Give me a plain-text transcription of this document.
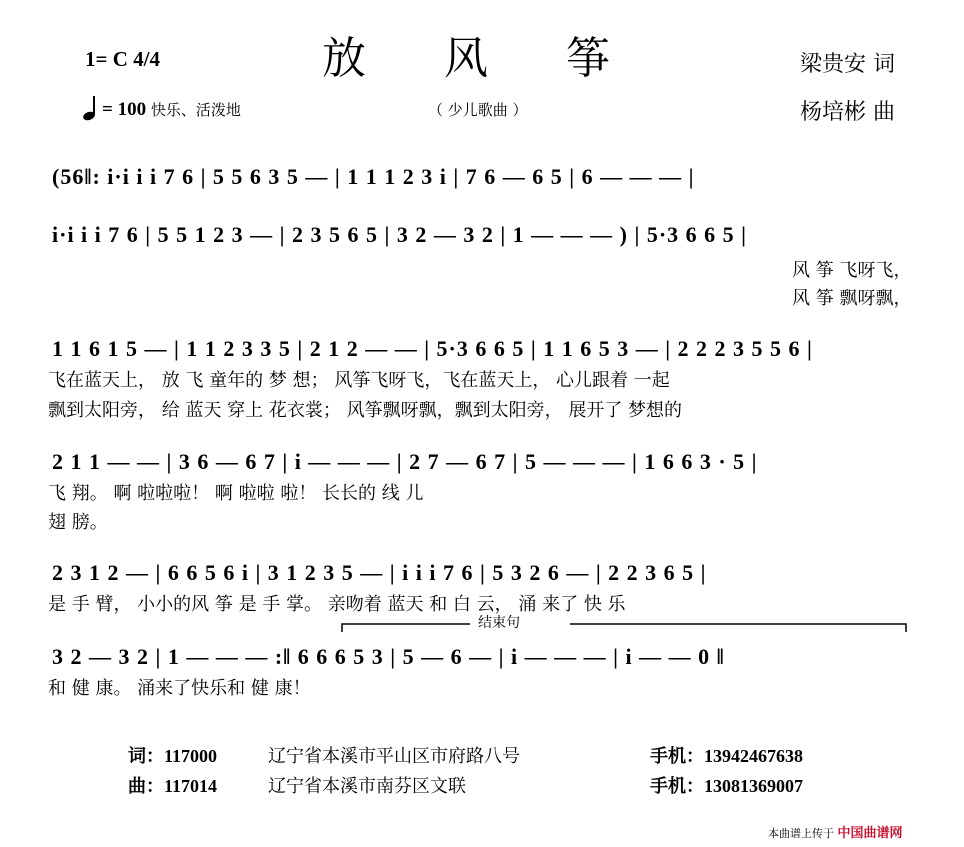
放 风 筝
1= C 4/4	梁贵安 词
杨培彬 曲
（ 少儿歌曲 ）
= 100 快乐、活泼地
(56‖: i·i i i 7 6 | 5 5 6 3 5 — | 1 1 1 2 3 i | 7 6 — 6 5 | 6 — — — |
i·i i i 7 6 | 5 5 1 2 3 — | 2 3 5 6 5 | 3 2 — 3 2 | 1 — — — ) | 5·3 6 6 5 |
风 筝 飞呀飞，
风 筝 飘呀飘，
1 1 6 1 5 — | 1 1 2 3 3 5 | 2 1 2 — — | 5·3 6 6 5 | 1 1 6 5 3 — | 2 2 2 3 5 5 6 |
飞在蓝天上， 放 飞 童年的 梦 想； 风筝飞呀飞，飞在蓝天上， 心儿跟着 一起
飘到太阳旁， 给 蓝天 穿上 花衣裳； 风筝飘呀飘，飘到太阳旁， 展开了 梦想的
2 1 1 — — | 3 6 — 6 7 | i — — — | 2 7 — 6 7 | 5 — — — | 1 6 6 3 · 5 |
飞 翔。 啊 啦啦啦！ 啊 啦啦 啦！ 长长的 线 儿
翅 膀。
2 3 1 2 — | 6 6 5 6 i | 3 1 2 3 5 — | i i i 7 6 | 5 3 2 6 — | 2 2 3 6 5 |
是 手 臂， 小小的风 筝 是 手 掌。 亲吻着 蓝天 和 白 云， 涌 来了 快 乐
结束句
3 2 — 3 2 | 1 — — — :‖ 6 6 6 5 3 | 5 — 6 — | i — — — | i — — 0 ‖
和 健 康。 涌来了快乐和 健 康！
词：117000	辽宁省本溪市平山区市府路八号	手机：13942467638
曲：117014	辽宁省本溪市南芬区文联	手机：13081369007
本曲谱上传于 中国曲谱网
